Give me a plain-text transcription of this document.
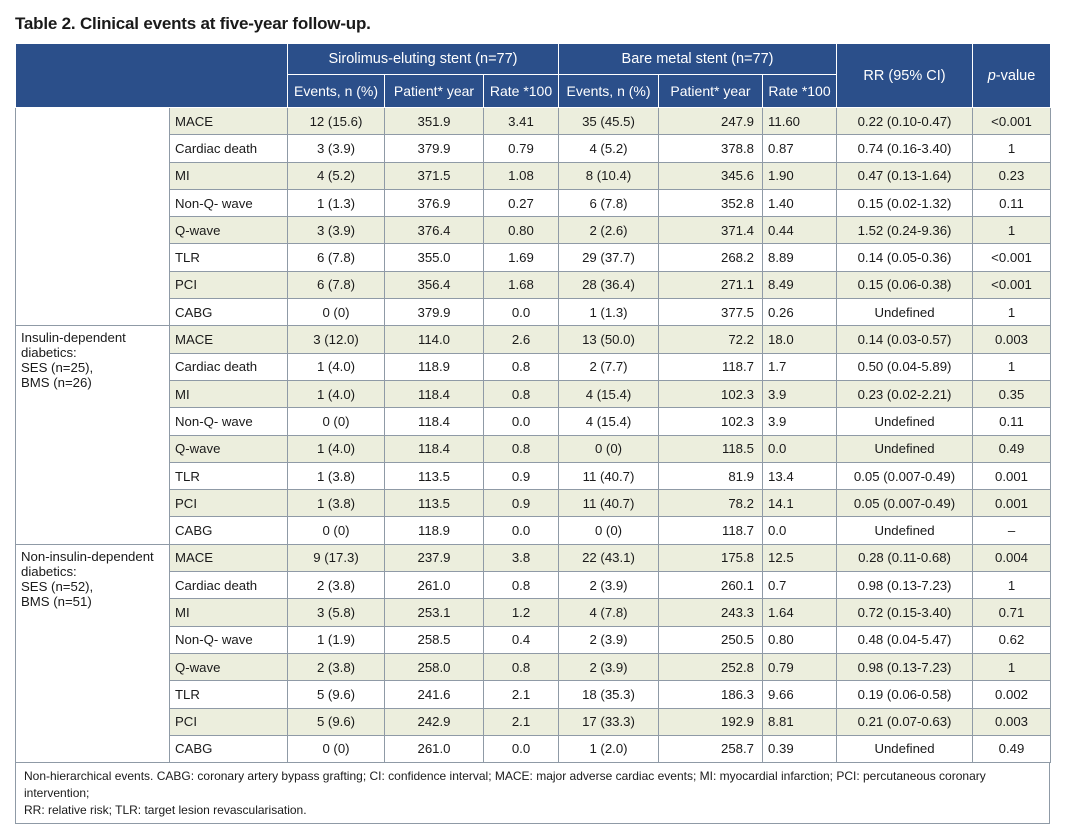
Table 2. Clinical events at five-year follow-up.
		Sirolimus-eluting stent (n=77)			Bare metal stent (n=77)			RR (95% CI)	p-value
		Events, n (%)	Patient* year	Rate *100	Events, n (%)	Patient* year	Rate *100		
	MACE	12 (15.6)	351.9	3.41	35 (45.5)	247.9	11.60	0.22 (0.10-0.47)	<0.001
	Cardiac death	3 (3.9)	379.9	0.79	4 (5.2)	378.8	0.87	0.74 (0.16-3.40)	1
	MI	4 (5.2)	371.5	1.08	8 (10.4)	345.6	1.90	0.47 (0.13-1.64)	0.23
	Non-Q- wave	1 (1.3)	376.9	0.27	6 (7.8)	352.8	1.40	0.15 (0.02-1.32)	0.11
	Q-wave	3 (3.9)	376.4	0.80	2 (2.6)	371.4	0.44	1.52 (0.24-9.36)	1
	TLR	6 (7.8)	355.0	1.69	29 (37.7)	268.2	8.89	0.14 (0.05-0.36)	<0.001
	PCI	6 (7.8)	356.4	1.68	28 (36.4)	271.1	8.49	0.15 (0.06-0.38)	<0.001
	CABG	0 (0)	379.9	0.0	1 (1.3)	377.5	0.26	Undefined	1

Insulin-dependent
diabetics:
SES (n=25),
BMS (n=26)	MACE	3 (12.0)	114.0	2.6	13 (50.0)	72.2	18.0	0.14 (0.03-0.57)	0.003
	Cardiac death	1 (4.0)	118.9	0.8	2 (7.7)	118.7	1.7	0.50 (0.04-5.89)	1
	MI	1 (4.0)	118.4	0.8	4 (15.4)	102.3	3.9	0.23 (0.02-2.21)	0.35
	Non-Q- wave	0 (0)	118.4	0.0	4 (15.4)	102.3	3.9	Undefined	0.11
	Q-wave	1 (4.0)	118.4	0.8	0 (0)	118.5	0.0	Undefined	0.49
	TLR	1 (3.8)	113.5	0.9	11 (40.7)	81.9	13.4	0.05 (0.007-0.49)	0.001
	PCI	1 (3.8)	113.5	0.9	11 (40.7)	78.2	14.1	0.05 (0.007-0.49)	0.001
	CABG	0 (0)	118.9	0.0	0 (0)	118.7	0.0	Undefined	–

Non-insulin-dependent
diabetics:
SES (n=52),
BMS (n=51)	MACE	9 (17.3)	237.9	3.8	22 (43.1)	175.8	12.5	0.28 (0.11-0.68)	0.004
	Cardiac death	2 (3.8)	261.0	0.8	2 (3.9)	260.1	0.7	0.98 (0.13-7.23)	1
	MI	3 (5.8)	253.1	1.2	4 (7.8)	243.3	1.64	0.72 (0.15-3.40)	0.71
	Non-Q- wave	1 (1.9)	258.5	0.4	2 (3.9)	250.5	0.80	0.48 (0.04-5.47)	0.62
	Q-wave	2 (3.8)	258.0	0.8	2 (3.9)	252.8	0.79	0.98 (0.13-7.23)	1
	TLR	5 (9.6)	241.6	2.1	18 (35.3)	186.3	9.66	0.19 (0.06-0.58)	0.002
	PCI	5 (9.6)	242.9	2.1	17 (33.3)	192.9	8.81	0.21 (0.07-0.63)	0.003
	CABG	0 (0)	261.0	0.0	1 (2.0)	258.7	0.39	Undefined	0.49
Non-hierarchical events. CABG: coronary artery bypass grafting; CI: confidence interval; MACE: major adverse cardiac events; MI: myocardial infarction; PCI: percutaneous coronary intervention;
RR: relative risk; TLR: target lesion revascularisation.
